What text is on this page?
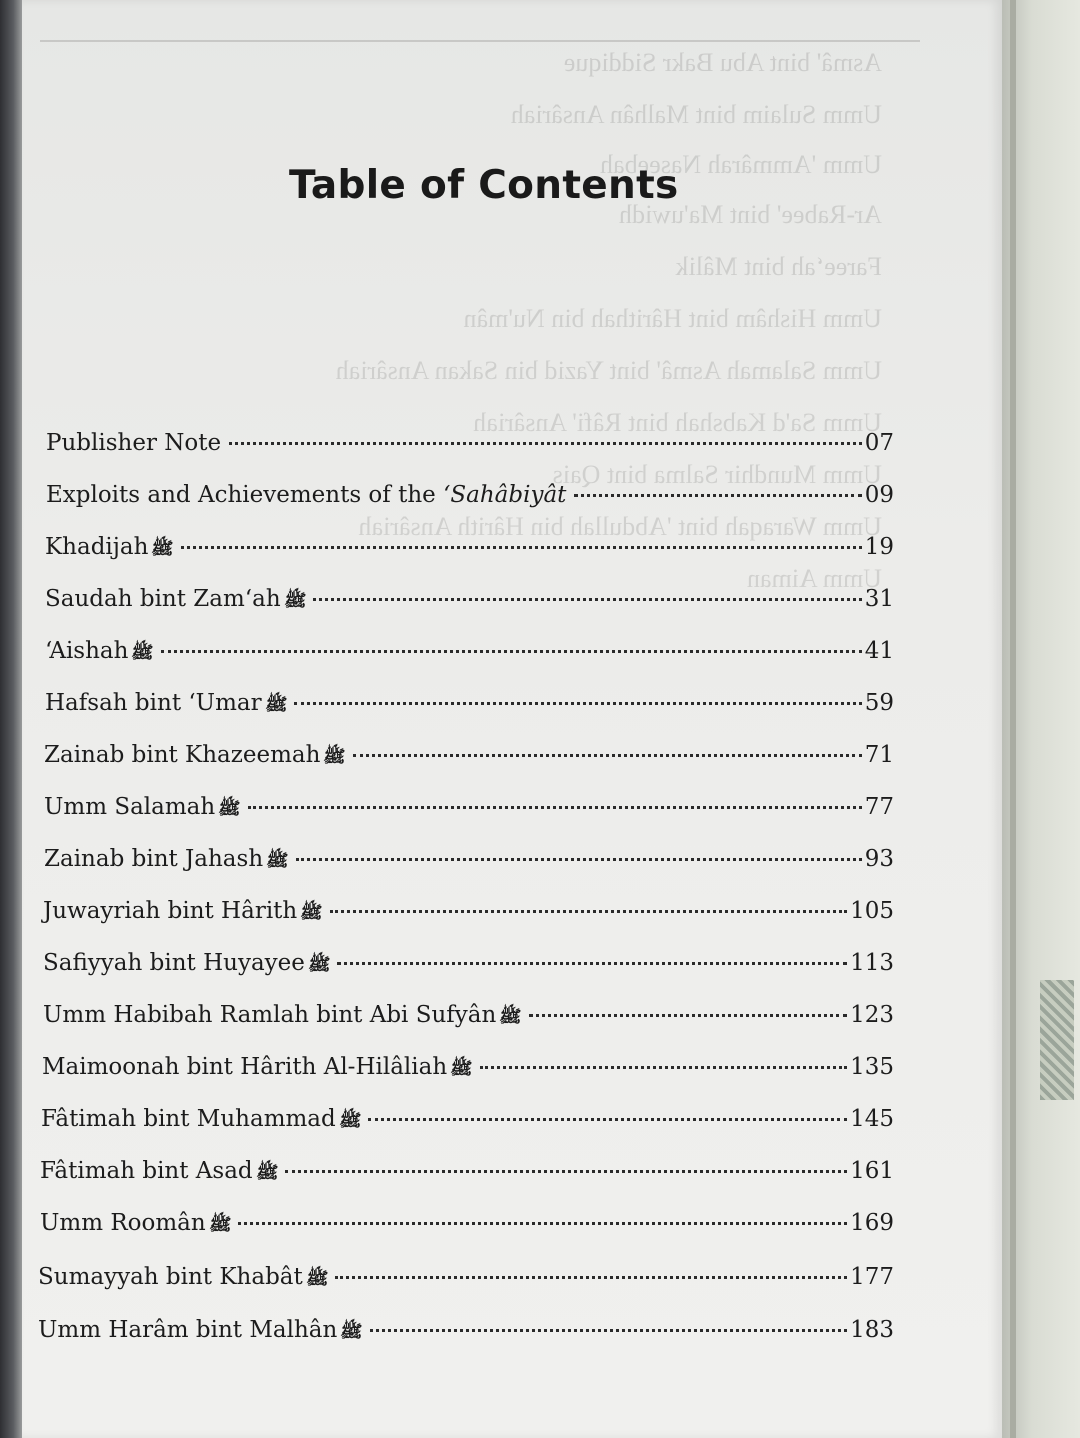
Asmâ' bint Abu Bakr Siddique
Umm Sulaim bint Malhân Ansâriah
Umm 'Ammârah Naseebah
Ar-Rabee' bint Ma'uwidh
Fareeʻah bint Mâlik
Umm Hishâm bint Hârithah bin Nu'mân
Umm Salamah Asmâ' bint Yazid bin Sakan Ansâriah
Umm Sa'd Kabshah bint Râfi' Ansâriah
Umm Mundhir Salma bint Qais
Umm Waraqah bint 'Abdullah bin Hârith Ansâriah
Umm Aiman
Table of Contents
Publisher Note	07
Exploits and Achievements of the ‘Sahâbiyât	09
Khadijah ﷺ	19
Saudah bint Zam‘ah ﷺ	31
‘Aishah ﷺ	41
Hafsah bint ‘Umar ﷺ	59
Zainab bint Khazeemah ﷺ	71
Umm Salamah ﷺ	77
Zainab bint Jahash ﷺ	93
Juwayriah bint Hârith ﷺ	105
Safiyyah bint Huyayee ﷺ	113
Umm Habibah Ramlah bint Abi Sufyân ﷺ	123
Maimoonah bint Hârith Al-Hilâliah ﷺ	135
Fâtimah bint Muhammad ﷺ	145
Fâtimah bint Asad ﷺ	161
Umm Roomân ﷺ	169
Sumayyah bint Khabât ﷺ	177
Umm Harâm bint Malhân ﷺ	183
